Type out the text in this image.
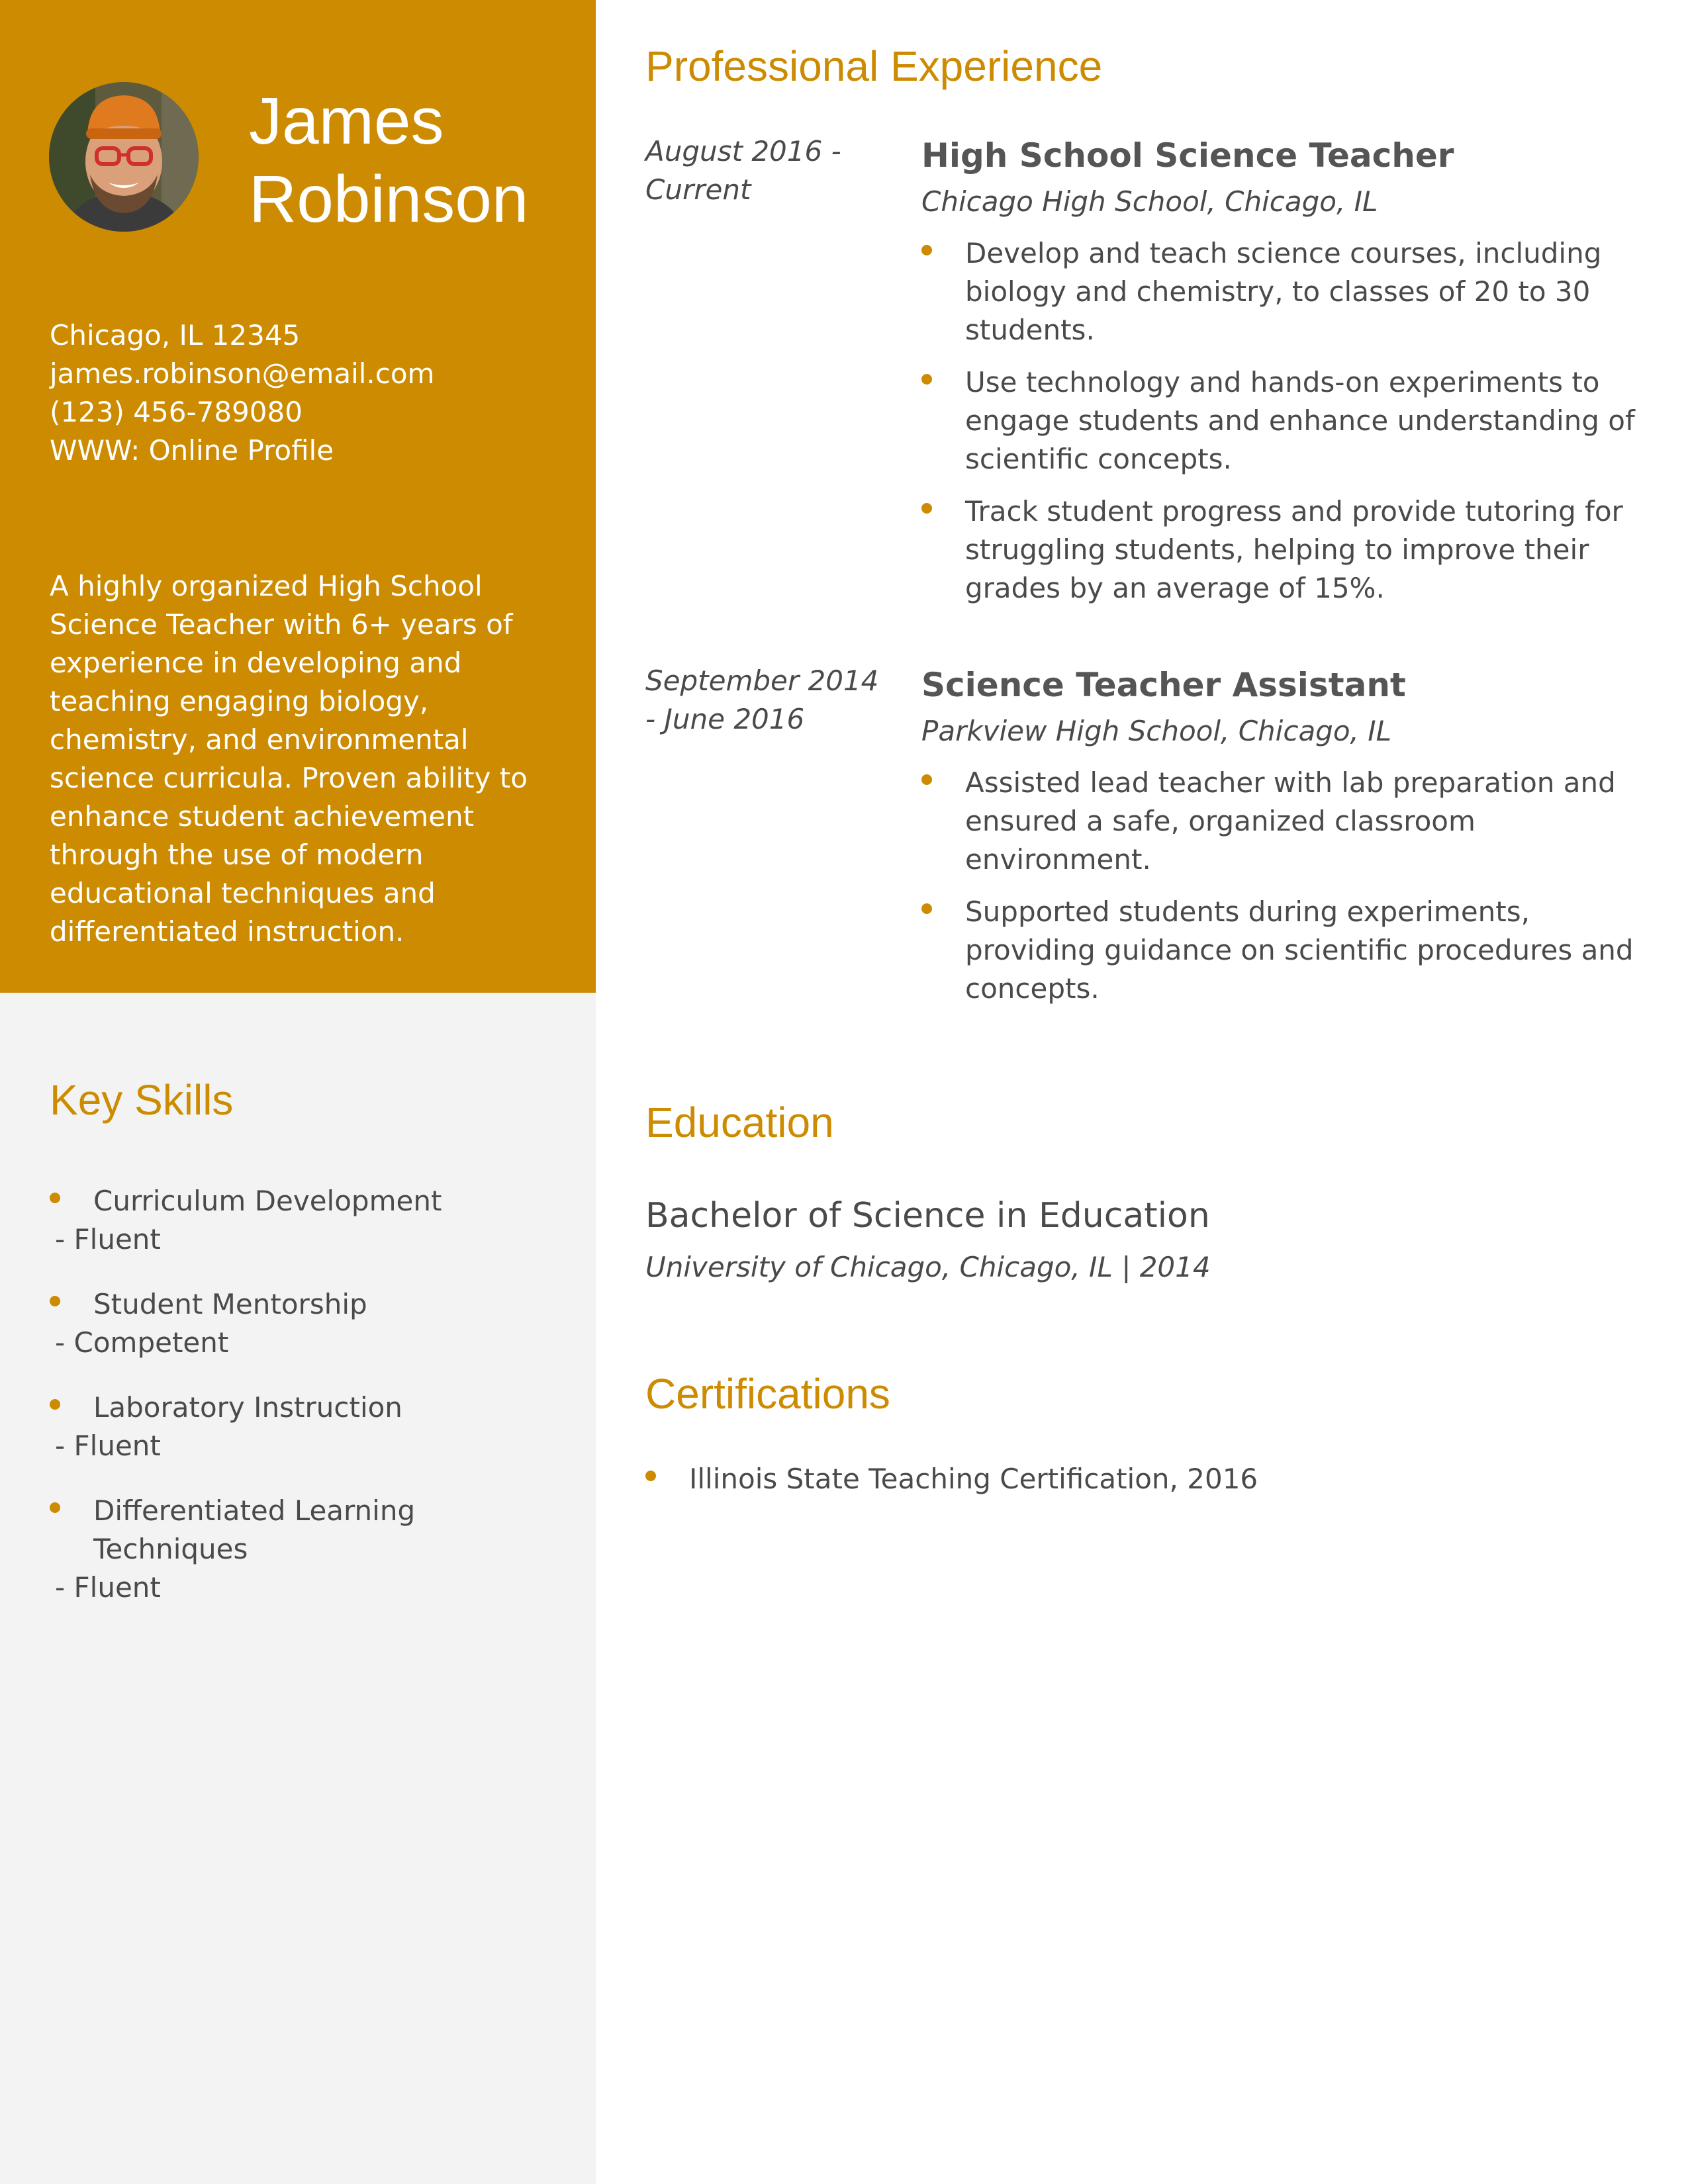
James
Robinson
Chicago, IL 12345
james.robinson@email.com
(123) 456-789080
WWW: Online Profile
A highly organized High School Science Teacher with 6+ years of experience in developing and teaching engaging biology, chemistry, and environmental science curricula. Proven ability to enhance student achievement through the use of modern educational techniques and differentiated instruction.
Key Skills
Curriculum Development
- Fluent
Student Mentorship
- Competent
Laboratory Instruction
- Fluent
Differentiated Learning Techniques
- Fluent
Professional Experience
August 2016 - Current
High School Science Teacher
Chicago High School, Chicago, IL
Develop and teach science courses, including biology and chemistry, to classes of 20 to 30 students.
Use technology and hands-on experiments to engage students and enhance understanding of scientific concepts.
Track student progress and provide tutoring for struggling students, helping to improve their grades by an average of 15%.
September 2014 - June 2016
Science Teacher Assistant
Parkview High School, Chicago, IL
Assisted lead teacher with lab preparation and ensured a safe, organized classroom environment.
Supported students during experiments, providing guidance on scientific procedures and concepts.
Education
Bachelor of Science in Education
University of Chicago, Chicago, IL | 2014
Certifications
Illinois State Teaching Certification, 2016
